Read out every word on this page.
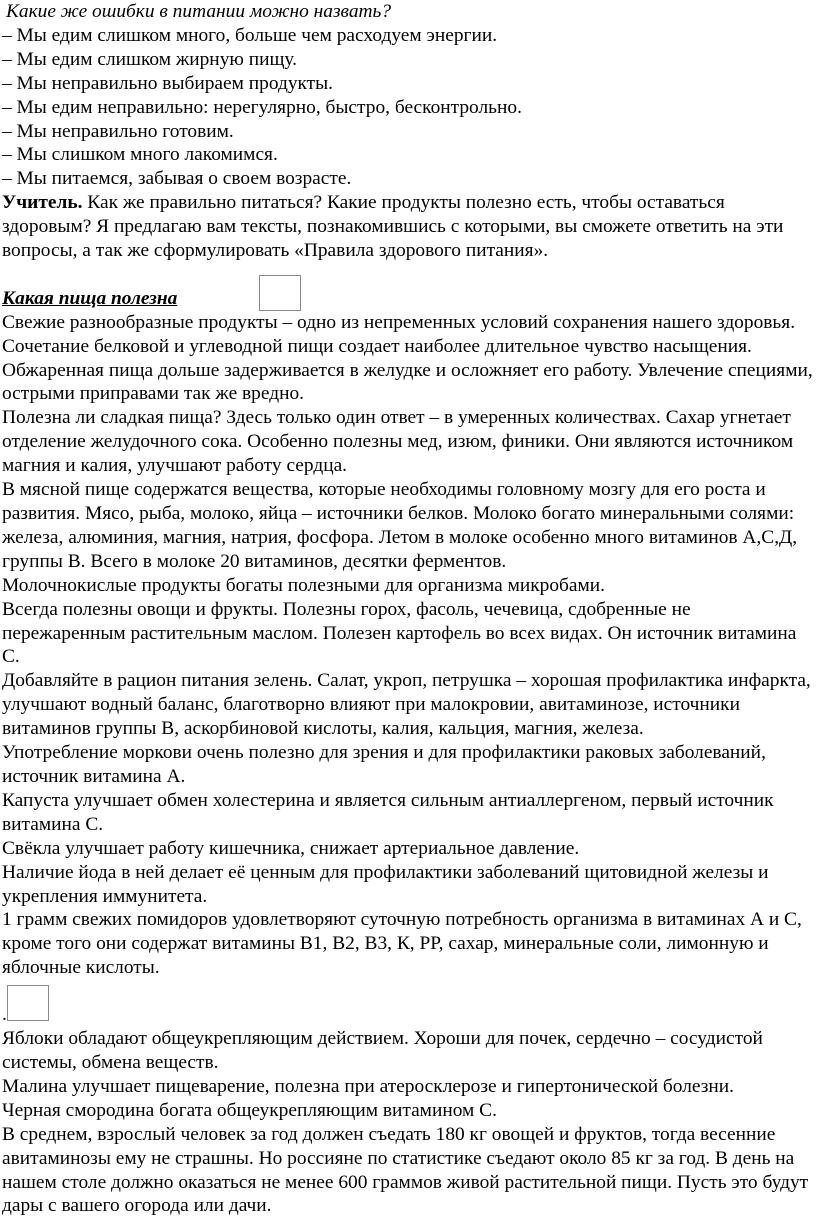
Какие же ошибки в питании можно назвать?

– Мы едим слишком много, больше чем расходуем энергии.

– Мы едим слишком жирную пищу.

– Мы неправильно выбираем продукты.

– Мы едим неправильно: нерегулярно, быстро, бесконтрольно.

– Мы неправильно готовим.

– Мы слишком много лакомимся.

– Мы питаемся, забывая о своем возрасте.

Учитель. Как же правильно питаться? Какие продукты полезно есть, чтобы оставаться здоровым? Я предлагаю вам тексты, познакомившись с которыми, вы сможете ответить на эти вопросы, а так же сформулировать «Правила здорового питания».

Какая пища полезна

Свежие разнообразные продукты – одно из непременных условий сохранения нашего здоровья. Сочетание белковой и углеводной пищи создает наиболее длительное чувство насыщения. Обжаренная пища дольше задерживается в желудке и осложняет его работу. Увлечение специями, острыми приправами так же вредно.

Полезна ли сладкая пища? Здесь только один ответ – в умеренных количествах. Сахар угнетает отделение желудочного сока. Особенно полезны мед, изюм, финики. Они являются источником магния и калия, улучшают работу сердца.

В мясной пище содержатся вещества, которые необходимы головному мозгу для его роста и развития. Мясо, рыба, молоко, яйца – источники белков. Молоко богато минеральными солями: железа, алюминия, магния, натрия, фосфора. Летом в молоке особенно много витаминов А,С,Д, группы В. Всего в молоке 20 витаминов, десятки ферментов.

Молочнокислые продукты богаты полезными для организма микробами.

Всегда полезны овощи и фрукты. Полезны горох, фасоль, чечевица, сдобренные не пережаренным растительным маслом. Полезен картофель во всех видах. Он источник витамина С.

Добавляйте в рацион питания зелень. Салат, укроп, петрушка – хорошая профилактика инфаркта, улучшают водный баланс, благотворно влияют при малокровии, авитаминозе, источники витаминов группы В, аскорбиновой кислоты, калия, кальция, магния, железа.

Употребление моркови очень полезно для зрения и для профилактики раковых заболеваний, источник витамина А.

Капуста улучшает обмен холестерина и является сильным антиаллергеном, первый источник витамина С.

Свёкла улучшает работу кишечника, снижает артериальное давление.

Наличие йода в ней делает её ценным для профилактики заболеваний щитовидной железы и укрепления иммунитета.

1 грамм свежих помидоров удовлетворяют суточную потребность организма в витаминах А и С, кроме того они содержат витамины В1, В2, В3, К, РР, сахар, минеральные соли, лимонную и яблочные кислоты.

.

Яблоки обладают общеукрепляющим действием. Хороши для почек, сердечно – сосудистой системы, обмена веществ.

Малина улучшает пищеварение, полезна при атеросклерозе и гипертонической болезни.

Черная смородина богата общеукрепляющим витамином С.

В среднем, взрослый человек за год должен съедать 180 кг овощей и фруктов, тогда весенние авитаминозы ему не страшны. Но россияне по статистике съедают около 85 кг за год. В день на нашем столе должно оказаться не менее 600 граммов живой растительной пищи. Пусть это будут дары с вашего огорода или дачи.
